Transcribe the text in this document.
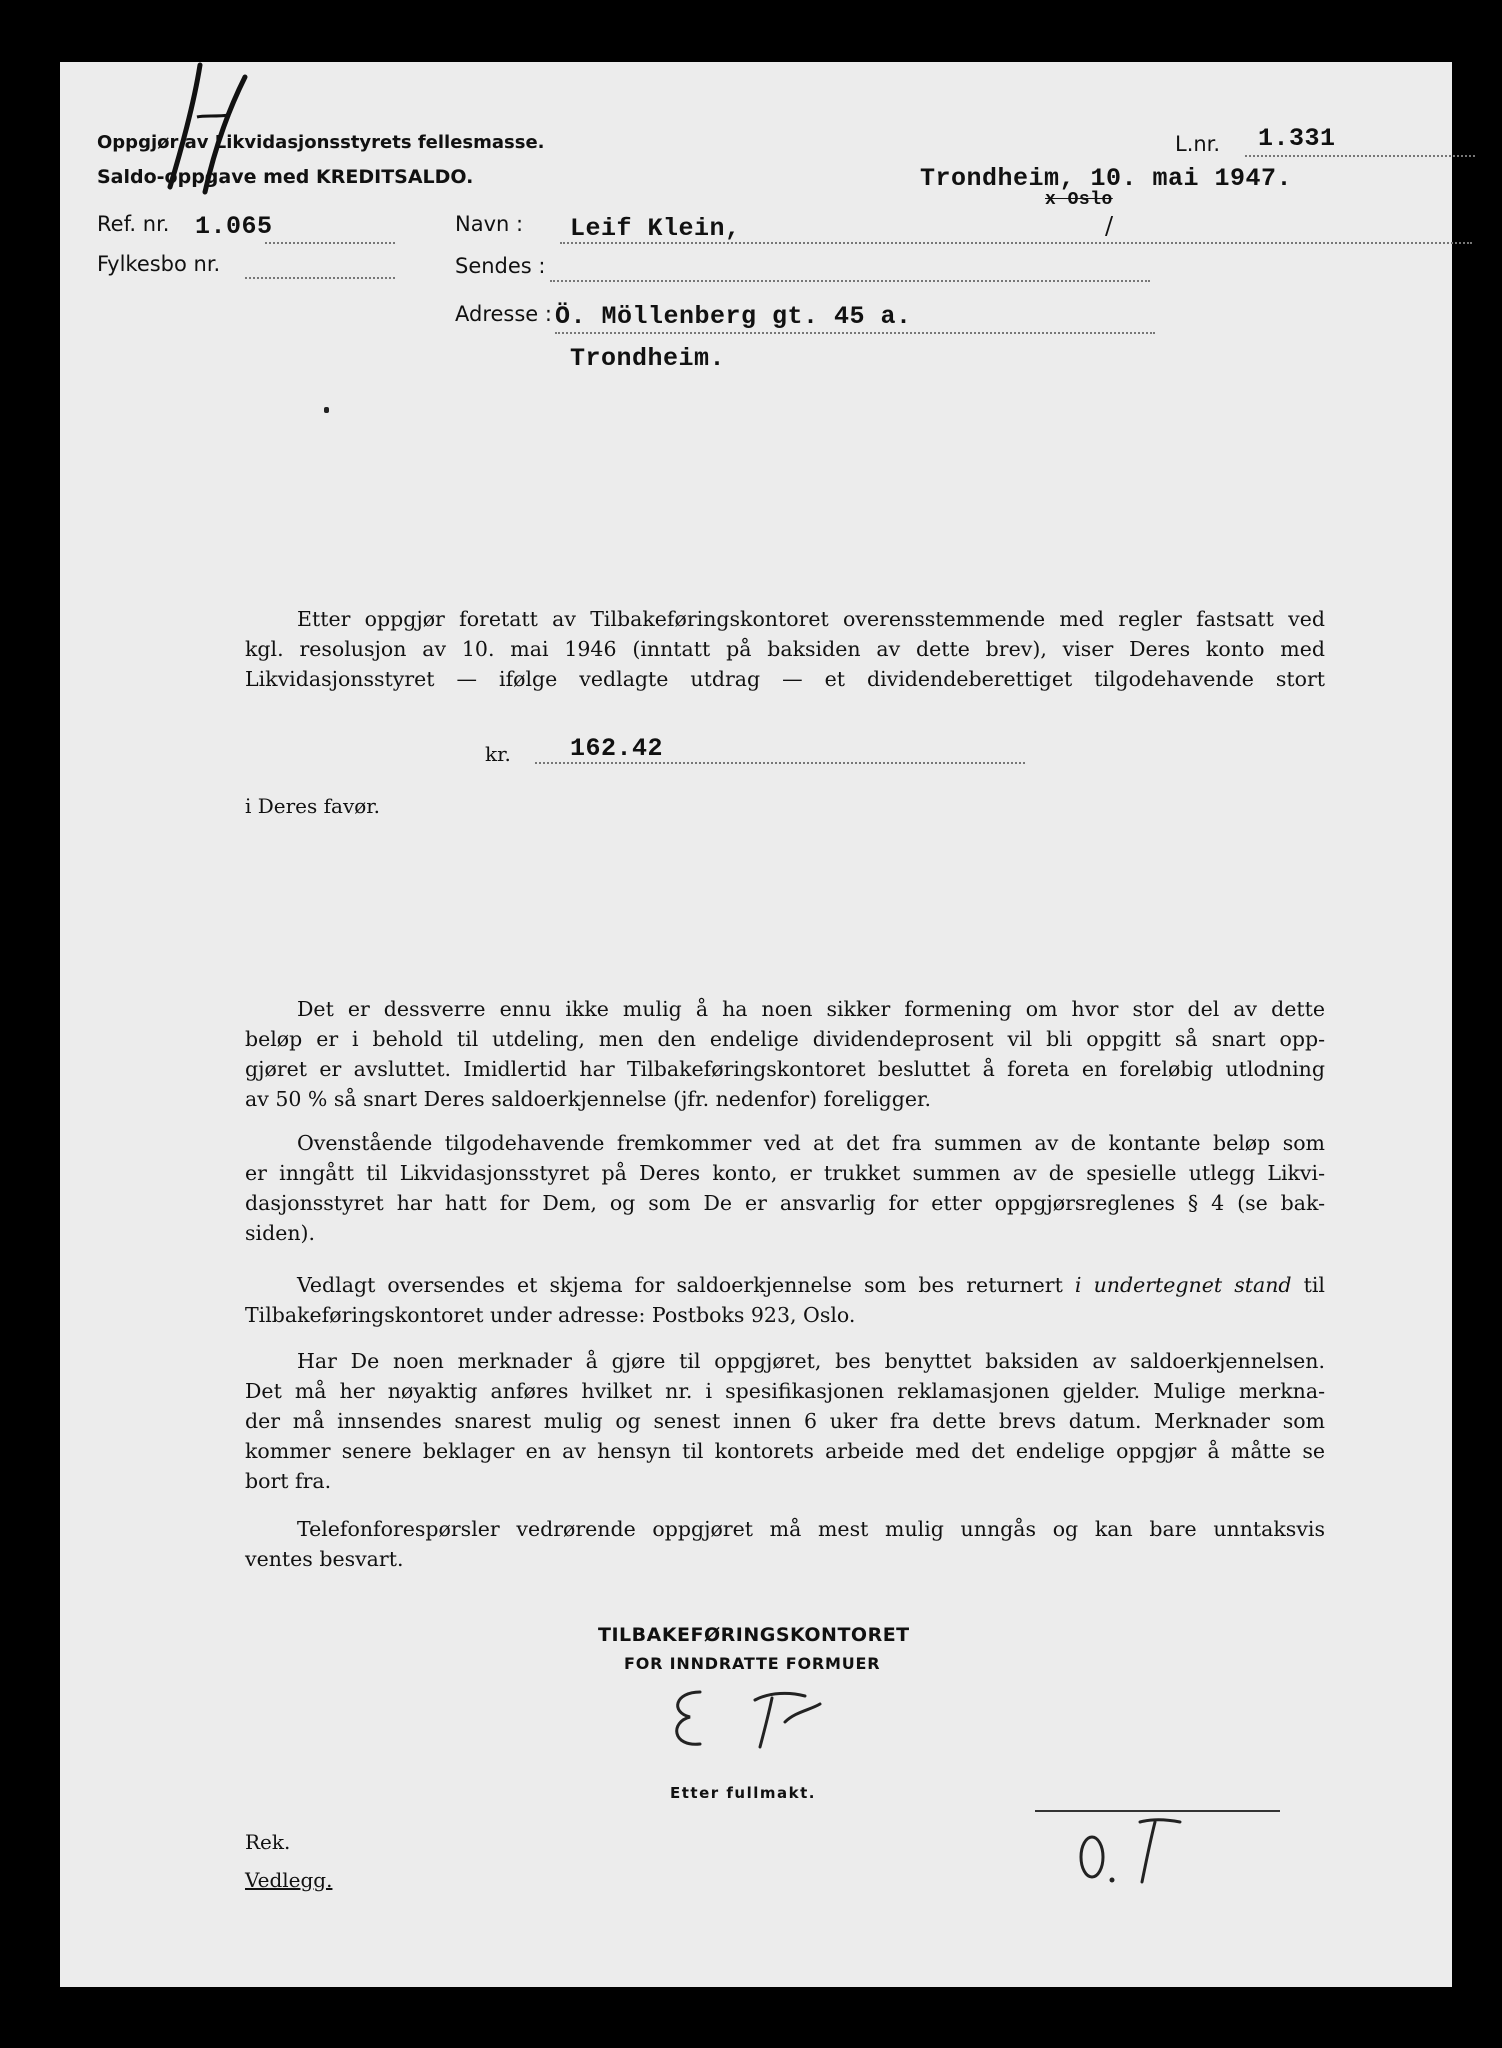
Oppgjør av Likvidasjonsstyrets fellesmasse.
Saldo-oppgave med KREDITSALDO.
L.nr. 1.331
Trondheim, 10. mai 1947.
x Oslo
Ref. nr. 1.065
Fylkesbo nr.
Navn : Leif Klein,	/
Sendes :
Adresse : Ö. Möllenberg gt. 45 a.
Trondheim.
Etter oppgjør foretatt av Tilbakeføringskontoret overensstemmende med regler fastsatt ved
kgl. resolusjon av 10. mai 1946 (inntatt på baksiden av dette brev), viser Deres konto med
Likvidasjonsstyret — ifølge vedlagte utdrag — et dividendeberettiget tilgodehavende stort
kr. 162.42
i Deres favør.
Det er dessverre ennu ikke mulig å ha noen sikker formening om hvor stor del av dette
beløp er i behold til utdeling, men den endelige dividendeprosent vil bli oppgitt så snart opp-
gjøret er avsluttet. Imidlertid har Tilbakeføringskontoret besluttet å foreta en foreløbig utlodning
av 50 % så snart Deres saldoerkjennelse (jfr. nedenfor) foreligger.
Ovenstående tilgodehavende fremkommer ved at det fra summen av de kontante beløp som
er inngått til Likvidasjonsstyret på Deres konto, er trukket summen av de spesielle utlegg Likvi-
dasjonsstyret har hatt for Dem, og som De er ansvarlig for etter oppgjørsreglenes § 4 (se bak-
siden).
Vedlagt oversendes et skjema for saldoerkjennelse som bes returnert i undertegnet stand til
Tilbakeføringskontoret under adresse: Postboks 923, Oslo.
Har De noen merknader å gjøre til oppgjøret, bes benyttet baksiden av saldoerkjennelsen.
Det må her nøyaktig anføres hvilket nr. i spesifikasjonen reklamasjonen gjelder. Mulige merkna-
der må innsendes snarest mulig og senest innen 6 uker fra dette brevs datum. Merknader som
kommer senere beklager en av hensyn til kontorets arbeide med det endelige oppgjør å måtte se
bort fra.
Telefonforespørsler vedrørende oppgjøret må mest mulig unngås og kan bare unntaksvis
ventes besvart.
TILBAKEFØRINGSKONTORET
FOR INNDRATTE FORMUER
Etter fullmakt.
Rek.
Vedlegg.
